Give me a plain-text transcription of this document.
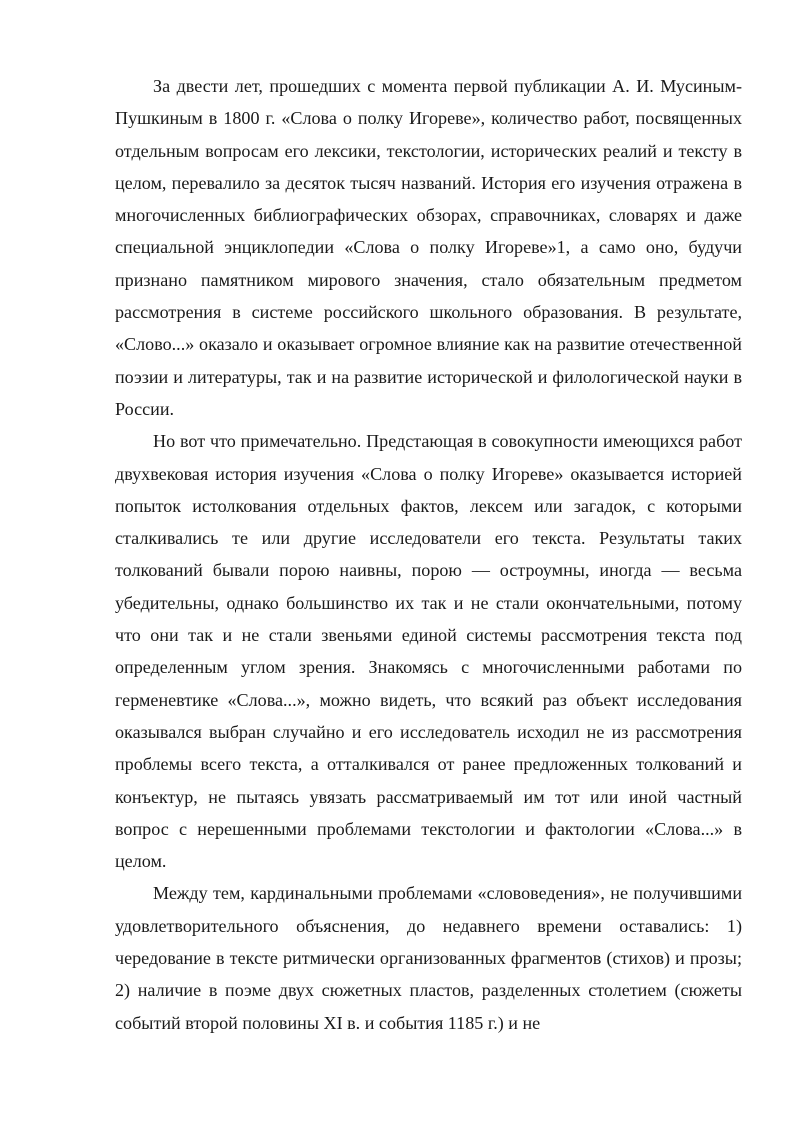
За двести лет, прошедших с момента первой публикации А. И. Мусиным-Пушкиным в 1800 г. «Слова о полку Игореве», количество работ, посвященных отдельным вопросам его лексики, текстологии, исторических реалий и тексту в целом, перевалило за десяток тысяч названий. История его изучения отражена в многочисленных библиографических обзорах, справочниках, словарях и даже специальной энциклопедии «Слова о полку Игореве»1, а само оно, будучи признано памятником мирового значения, стало обязательным предметом рассмотрения в системе российского школьного образования. В результате, «Слово...» оказало и оказывает огромное влияние как на развитие отечественной поэзии и литературы, так и на развитие исторической и филологической науки в России.

Но вот что примечательно. Предстающая в совокупности имеющихся работ двухвековая история изучения «Слова о полку Игореве» оказывается историей попыток истолкования отдельных фактов, лексем или загадок, с которыми сталкивались те или другие исследователи его текста. Результаты таких толкований бывали порою наивны, порою — остроумны, иногда — весьма убедительны, однако большинство их так и не стали окончательными, потому что они так и не стали звеньями единой системы рассмотрения текста под определенным углом зрения. Знакомясь с многочисленными работами по герменевтике «Слова...», можно видеть, что всякий раз объект исследования оказывался выбран случайно и его исследователь исходил не из рассмотрения проблемы всего текста, а отталкивался от ранее предложенных толкований и конъектур, не пытаясь увязать рассматриваемый им тот или иной частный вопрос с нерешенными проблемами текстологии и фактологии «Слова...» в целом.

Между тем, кардинальными проблемами «слововедения», не получившими удовлетворительного объяснения, до недавнего времени оставались: 1) чередование в тексте ритмически организованных фрагментов (стихов) и прозы; 2) наличие в поэме двух сюжетных пластов, разделенных столетием (сюжеты событий второй половины XI в. и события 1185 г.) и не
